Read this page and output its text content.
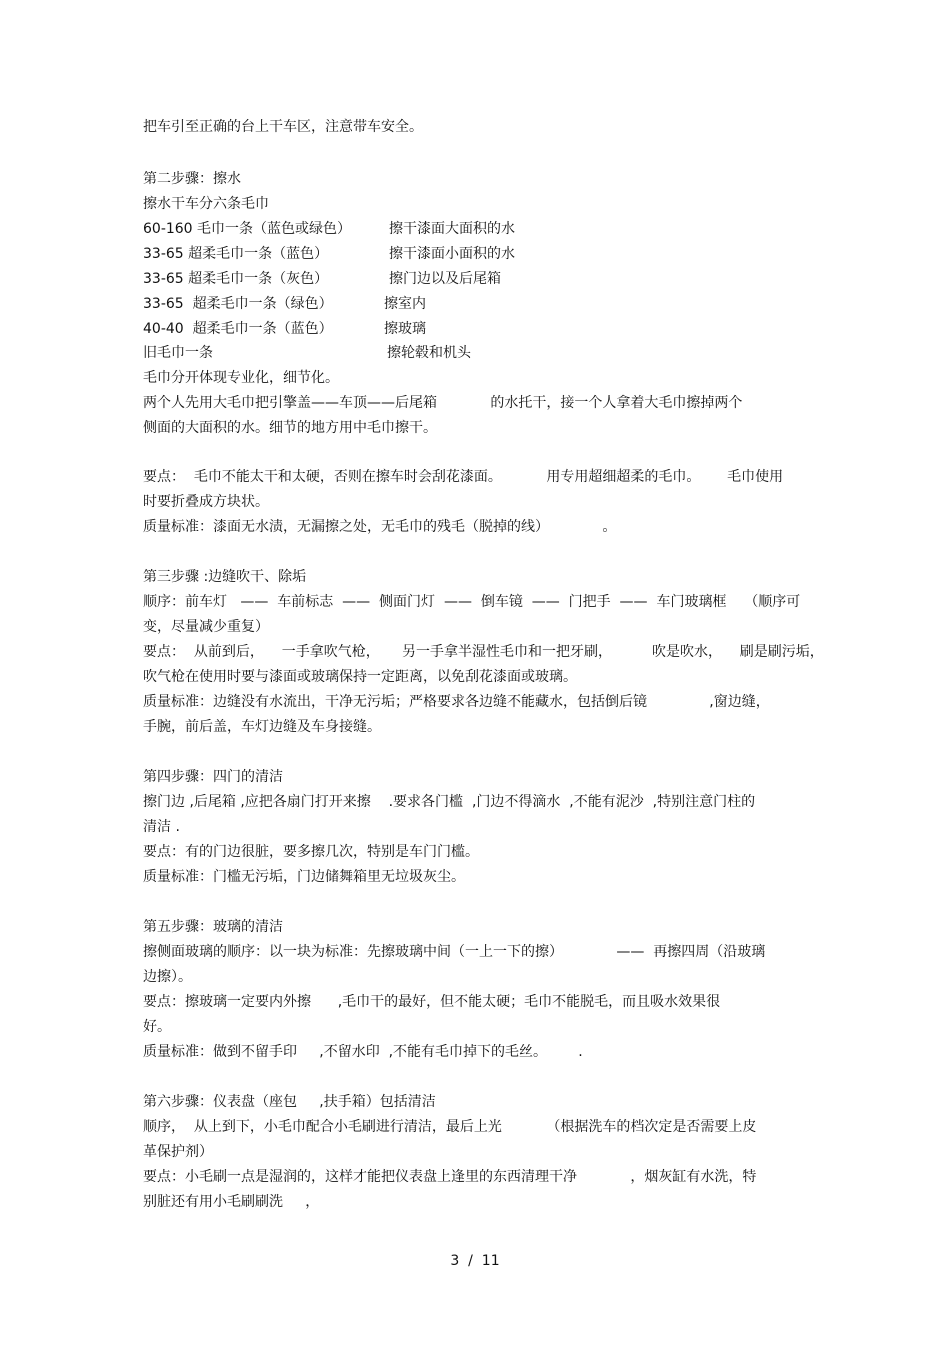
把车引至正确的台上干车区，注意带车安全。
第二步骤：擦水
擦水干车分六条毛巾
60-160 毛巾一条（蓝色或绿色）	擦干漆面大面积的水
33-65 超柔毛巾一条（蓝色）	擦干漆面小面积的水
33-65 超柔毛巾一条（灰色）	擦门边以及后尾箱
33-65  超柔毛巾一条（绿色）	擦室内
40-40  超柔毛巾一条（蓝色）	擦玻璃
旧毛巾一条	擦轮毂和机头
毛巾分开体现专业化，细节化。
两个人先用大毛巾把引擎盖——车顶——后尾箱            的水托干，接一个人拿着大毛巾擦掉两个
侧面的大面积的水。细节的地方用中毛巾擦干。
要点：  毛巾不能太干和太硬，否则在擦车时会刮花漆面。          用专用超细超柔的毛巾。      毛巾使用
时要折叠成方块状。
质量标准：漆面无水渍，无漏擦之处，无毛巾的残毛（脱掉的线）            。
第三步骤 :边缝吹干、除垢
顺序：前车灯   ——  车前标志  ——  侧面门灯  ——  倒车镜  ——  门把手  ——  车门玻璃框    （顺序可
变，尽量减少重复）
要点：  从前到后，    一手拿吹气枪，     另一手拿半湿性毛巾和一把牙刷，         吹是吹水，    刷是刷污垢，
吹气枪在使用时要与漆面或玻璃保持一定距离，以免刮花漆面或玻璃。
质量标准：边缝没有水流出，干净无污垢；严格要求各边缝不能藏水，包括倒后镜              ,窗边缝，
手腕，前后盖，车灯边缝及车身接缝。
第四步骤：四门的清洁
擦门边 ,后尾箱 ,应把各扇门打开来擦    .要求各门槛  ,门边不得滴水  ,不能有泥沙  ,特别注意门柱的
清洁 .
要点：有的门边很脏，要多擦几次，特别是车门门槛。
质量标准：门槛无污垢，门边储舞箱里无垃圾灰尘。
第五步骤：玻璃的清洁
擦侧面玻璃的顺序：以一块为标准：先擦玻璃中间（一上一下的擦）            ——  再擦四周（沿玻璃
边擦）。
要点：擦玻璃一定要内外擦      ,毛巾干的最好，但不能太硬；毛巾不能脱毛，而且吸水效果很
好。
质量标准：做到不留手印     ,不留水印  ,不能有毛巾掉下的毛丝。       .
第六步骤：仪表盘（座包     ,扶手箱）包括清洁
顺序，  从上到下，小毛巾配合小毛刷进行清洁，最后上光          （根据洗车的档次定是否需要上皮
革保护剂）
要点：小毛刷一点是湿润的，这样才能把仪表盘上逢里的东西清理干净            ，烟灰缸有水洗，特
别脏还有用小毛刷刷洗     ，
3  /  11
